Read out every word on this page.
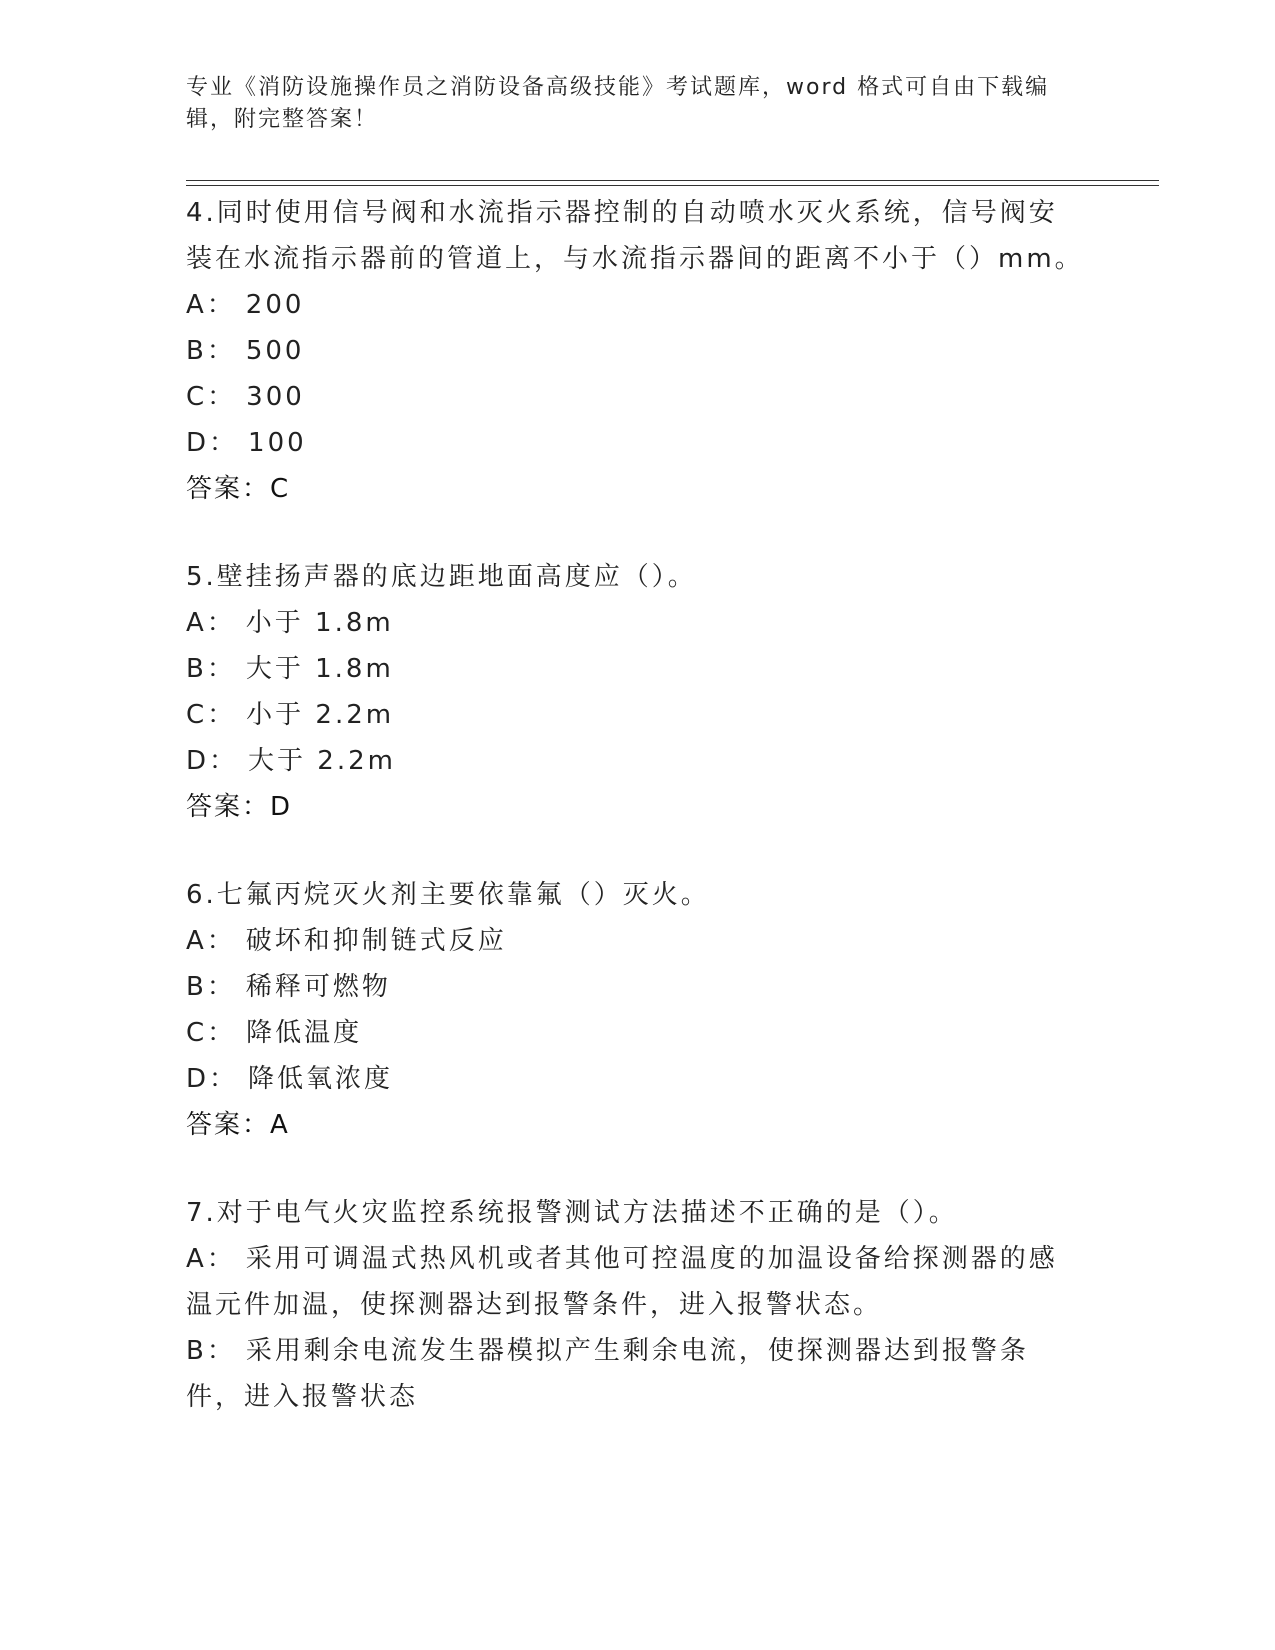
专业《消防设施操作员之消防设备高级技能》考试题库，word 格式可自由下载编
辑，附完整答案！
4.同时使用信号阀和水流指示器控制的自动喷水灭火系统，信号阀安
装在水流指示器前的管道上，与水流指示器间的距离不小于（）mm。
A： 200
B： 500
C： 300
D： 100
答案：C
5.壁挂扬声器的底边距地面高度应（）。
A： 小于 1.8m
B： 大于 1.8m
C： 小于 2.2m
D： 大于 2.2m
答案：D
6.七氟丙烷灭火剂主要依靠氟（）灭火。
A： 破坏和抑制链式反应
B： 稀释可燃物
C： 降低温度
D： 降低氧浓度
答案：A
7.对于电气火灾监控系统报警测试方法描述不正确的是（）。
A： 采用可调温式热风机或者其他可控温度的加温设备给探测器的感温元件加温，使探测器达到报警条件，进入报警状态。
B： 采用剩余电流发生器模拟产生剩余电流，使探测器达到报警条件，进入报警状态
